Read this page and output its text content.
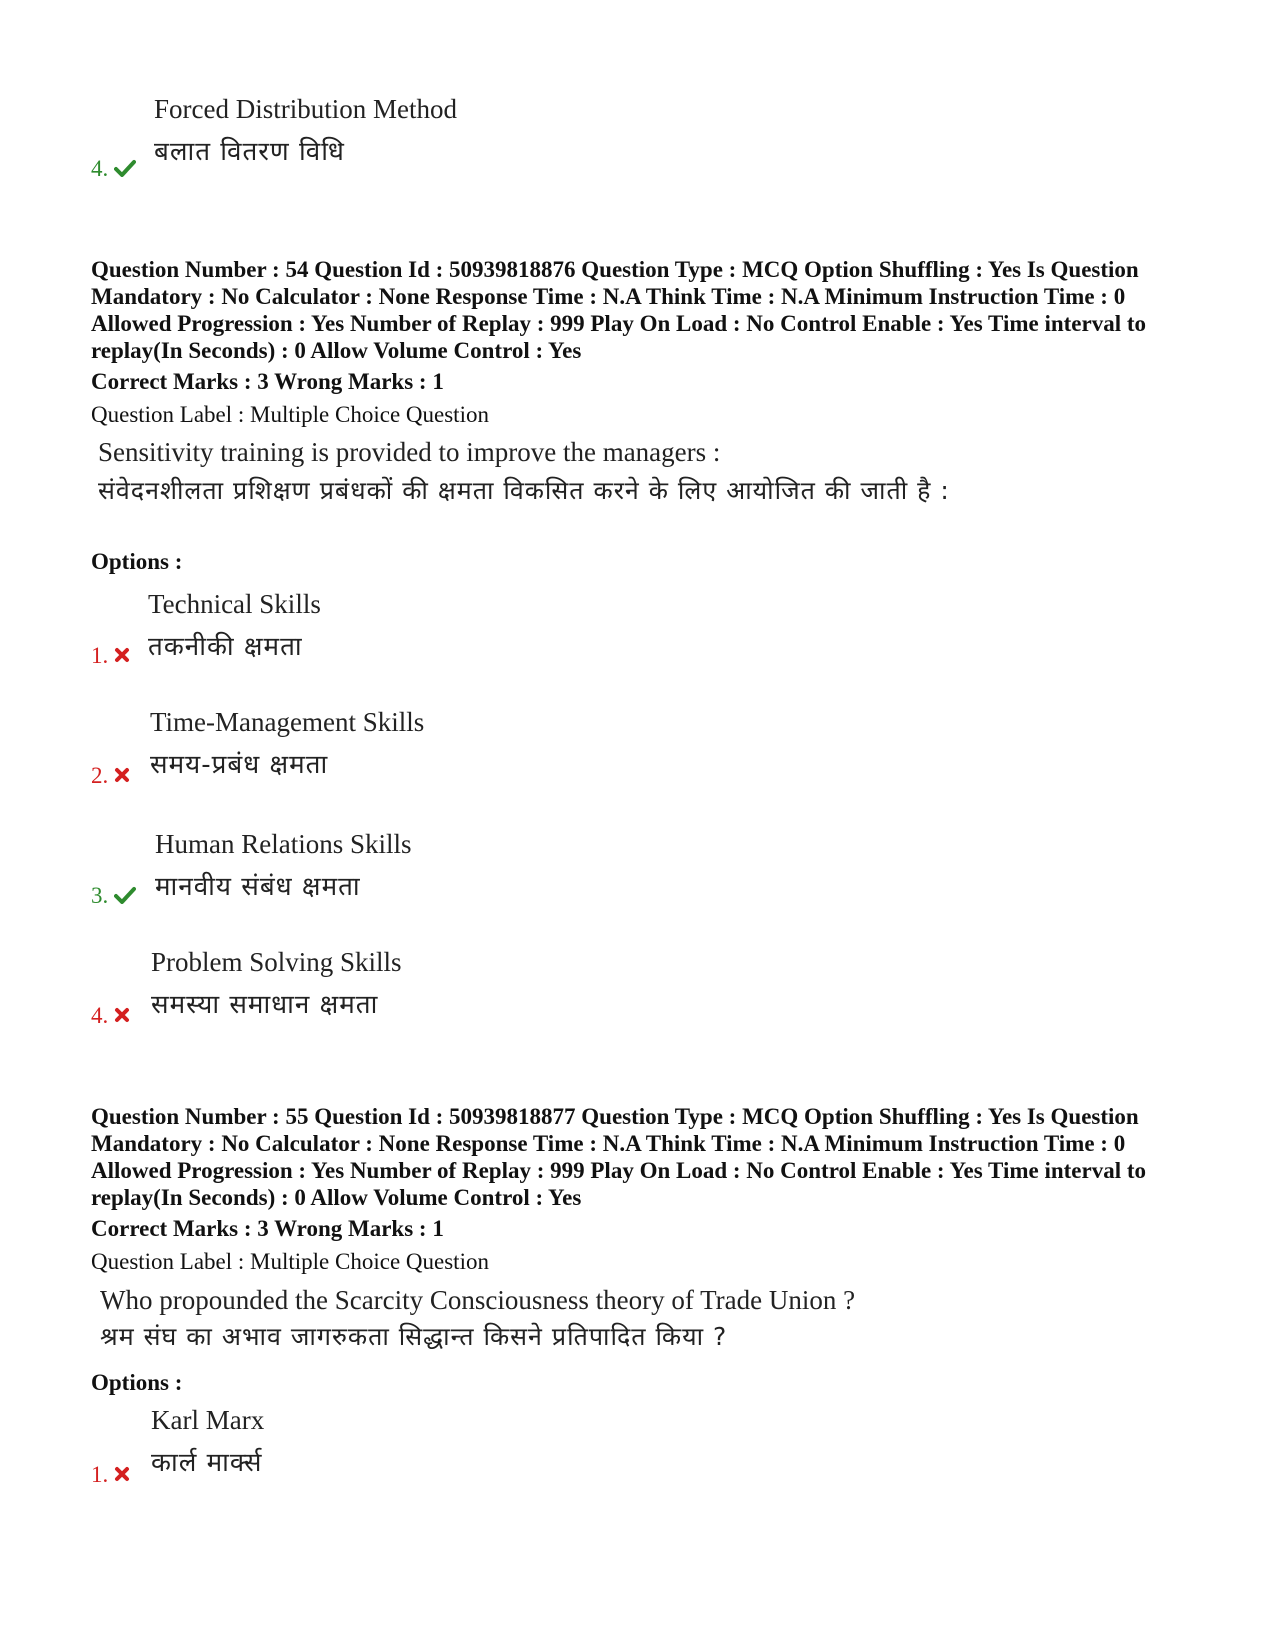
Forced Distribution Method
बलात वितरण विधि
4.
Question Number : 54 Question Id : 50939818876 Question Type : MCQ Option Shuffling : Yes Is Question Mandatory : No Calculator : None Response Time : N.A Think Time : N.A Minimum Instruction Time : 0 Allowed Progression : Yes Number of Replay : 999 Play On Load : No Control Enable : Yes Time interval to replay(In Seconds) : 0 Allow Volume Control : Yes
Correct Marks : 3 Wrong Marks : 1
Question Label : Multiple Choice Question
Sensitivity training is provided to improve the managers :
संवेदनशीलता प्रशिक्षण प्रबंधकों की क्षमता विकसित करने के लिए आयोजित की जाती है :
Options :
Technical Skills
तकनीकी क्षमता
1.
Time-Management Skills
समय-प्रबंध क्षमता
2.
Human Relations Skills
मानवीय संबंध क्षमता
3.
Problem Solving Skills
समस्या समाधान क्षमता
4.
Question Number : 55 Question Id : 50939818877 Question Type : MCQ Option Shuffling : Yes Is Question Mandatory : No Calculator : None Response Time : N.A Think Time : N.A Minimum Instruction Time : 0 Allowed Progression : Yes Number of Replay : 999 Play On Load : No Control Enable : Yes Time interval to replay(In Seconds) : 0 Allow Volume Control : Yes
Correct Marks : 3 Wrong Marks : 1
Question Label : Multiple Choice Question
Who propounded the Scarcity Consciousness theory of Trade Union ?
श्रम संघ का अभाव जागरुकता सिद्धान्त किसने प्रतिपादित किया ?
Options :
Karl Marx
कार्ल मार्क्स
1.
